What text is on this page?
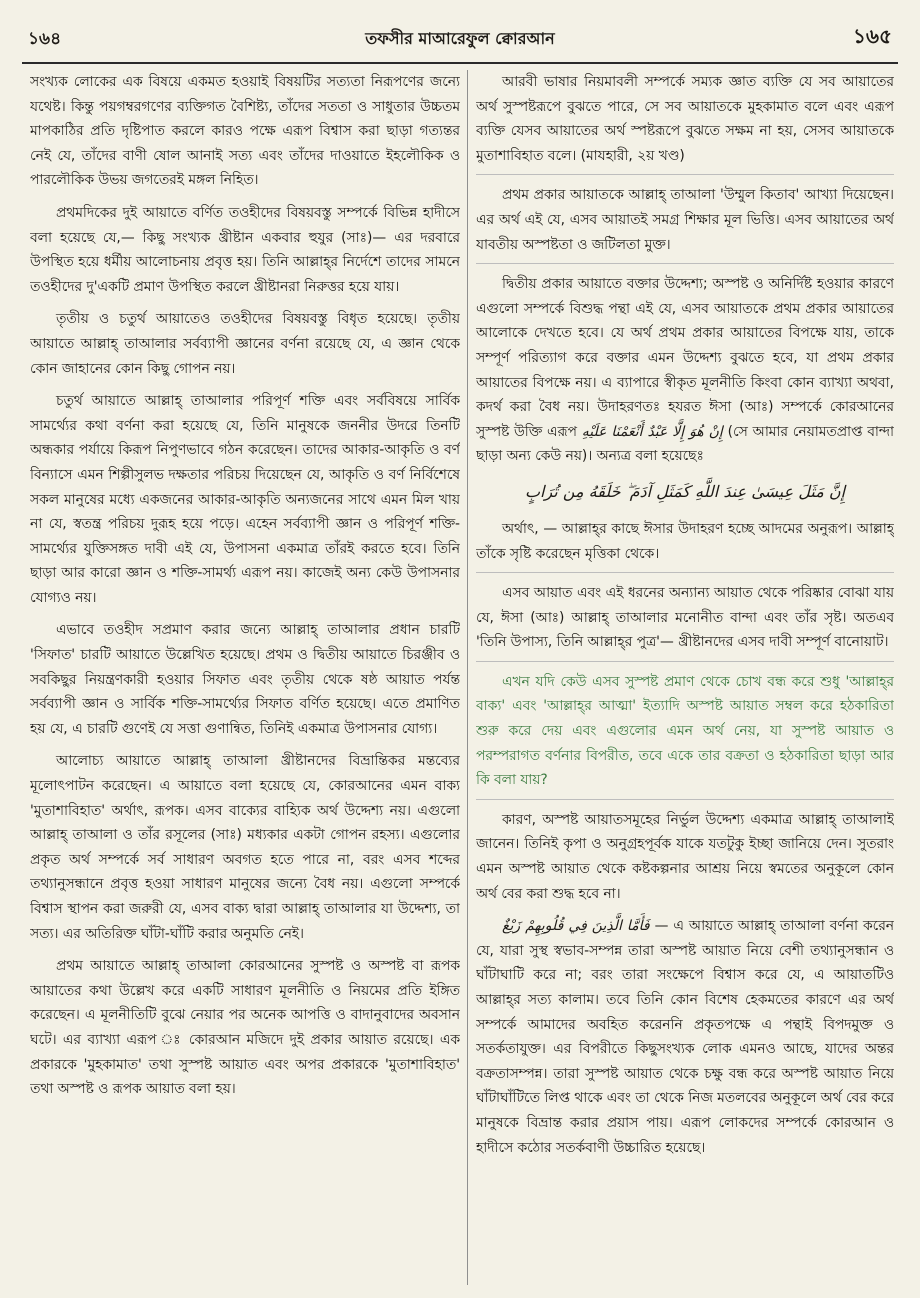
১৬৪	তফসীর মাআরেফুল ক্বোরআন	১৬৫

সংখ্যক লোকের এক বিষয়ে একমত হওয়াই বিষয়টির সত্যতা নিরূপণের জন্যে যথেষ্ট। কিন্তু পয়গম্বরগণের ব্যক্তিগত বৈশিষ্ট্য, তাঁদের সততা ও সাধুতার উচ্চতম মাপকাঠির প্রতি দৃষ্টিপাত করলে কারও পক্ষে এরূপ বিশ্বাস করা ছাড়া গত্যন্তর নেই যে, তাঁদের বাণী ষোল আনাই সত্য এবং তাঁদের দাওয়াতে ইহলৌকিক ও পারলৌকিক উভয় জগতেরই মঙ্গল নিহিত।

প্রথমদিকের দুই আয়াতে বর্ণিত তওহীদের বিষয়বস্তু সম্পর্কে বিভিন্ন হাদীসে বলা হয়েছে যে,— কিছু সংখ্যক খ্রীষ্টান একবার হুযুর (সাঃ)— এর দরবারে উপস্থিত হয়ে ধর্মীয় আলোচনায় প্রবৃত্ত হয়। তিনি আল্লাহ্‌র নির্দেশে তাদের সামনে তওহীদের দু'একটি প্রমাণ উপস্থিত করলে খ্রীষ্টানরা নিরুত্তর হয়ে যায়।

তৃতীয় ও চতুর্থ আয়াতেও তওহীদের বিষয়বস্তু বিধৃত হয়েছে। তৃতীয় আয়াতে আল্লাহ্‌ তাআলার সর্বব্যাপী জ্ঞানের বর্ণনা রয়েছে যে, এ জ্ঞান থেকে কোন জাহানের কোন কিছু গোপন নয়।

চতুর্থ আয়াতে আল্লাহ্‌ তাআলার পরিপূর্ণ শক্তি এবং সর্ববিষয়ে সার্বিক সামর্থ্যের কথা বর্ণনা করা হয়েছে যে, তিনি মানুষকে জননীর উদরে তিনটি অন্ধকার পর্যায়ে কিরূপ নিপুণভাবে গঠন করেছেন। তাদের আকার-আকৃতি ও বর্ণ বিন্যাসে এমন শিল্পীসুলভ দক্ষতার পরিচয় দিয়েছেন যে, আকৃতি ও বর্ণ নির্বিশেষে সকল মানুষের মধ্যে একজনের আকার-আকৃতি অন্যজনের সাথে এমন মিল খায় না যে, স্বতন্ত্র পরিচয় দুরূহ হয়ে পড়ে। এহেন সর্বব্যাপী জ্ঞান ও পরিপূর্ণ শক্তি-সামর্থ্যের যুক্তিসঙ্গত দাবী এই যে, উপাসনা একমাত্র তাঁরই করতে হবে। তিনি ছাড়া আর কারো জ্ঞান ও শক্তি-সামর্থ্য এরূপ নয়। কাজেই অন্য কেউ উপাসনার যোগ্যও নয়।

এভাবে তওহীদ সপ্রমাণ করার জন্যে আল্লাহ্‌ তাআলার প্রধান চারটি 'সিফাত' চারটি আয়াতে উল্লেখিত হয়েছে। প্রথম ও দ্বিতীয় আয়াতে চিরঞ্জীব ও সবকিছুর নিয়ন্ত্রণকারী হওয়ার সিফাত এবং তৃতীয় থেকে ষষ্ঠ আয়াত পর্যন্ত সর্বব্যাপী জ্ঞান ও সার্বিক শক্তি-সামর্থ্যের সিফাত বর্ণিত হয়েছে। এতে প্রমাণিত হয় যে, এ চারটি গুণেই যে সত্তা গুণান্বিত, তিনিই একমাত্র উপাসনার যোগ্য।

আলোচ্য আয়াতে আল্লাহ্‌ তাআলা খ্রীষ্টানদের বিভ্রান্তিকর মন্তব্যের মূলোৎপাটন করেছেন। এ আয়াতে বলা হয়েছে যে, কোরআনের এমন বাক্য 'মুতাশাবিহাত' অর্থাৎ, রূপক। এসব বাক্যের বাহ্যিক অর্থ উদ্দেশ্য নয়। এগুলো আল্লাহ্‌ তাআলা ও তাঁর রসূলের (সাঃ) মধ্যকার একটা গোপন রহস্য। এগুলোর প্রকৃত অর্থ সম্পর্কে সর্ব সাধারণ অবগত হতে পারে না, বরং এসব শব্দের তথ্যানুসন্ধানে প্রবৃত্ত হওয়া সাধারণ মানুষের জন্যে বৈধ নয়। এগুলো সম্পর্কে বিশ্বাস স্থাপন করা জরুরী যে, এসব বাক্য দ্বারা আল্লাহ্‌ তাআলার যা উদ্দেশ্য, তা সত্য। এর অতিরিক্ত ঘাঁটা-ঘাঁটি করার অনুমতি নেই।

প্রথম আয়াতে আল্লাহ্‌ তাআলা কোরআনের সুস্পষ্ট ও অস্পষ্ট বা রূপক আয়াতের কথা উল্লেখ করে একটি সাধারণ মূলনীতি ও নিয়মের প্রতি ইঙ্গিত করেছেন। এ মূলনীতিটি বুঝে নেয়ার পর অনেক আপত্তি ও বাদানুবাদের অবসান ঘটে। এর ব্যাখ্যা এরূপ ঃ কোরআন মজিদে দুই প্রকার আয়াত রয়েছে। এক প্রকারকে 'মুহকামাত' তথা সুস্পষ্ট আয়াত এবং অপর প্রকারকে 'মুতাশাবিহাত' তথা অস্পষ্ট ও রূপক আয়াত বলা হয়।

আরবী ভাষার নিয়মাবলী সম্পর্কে সম্যক জ্ঞাত ব্যক্তি যে সব আয়াতের অর্থ সুস্পষ্টরূপে বুঝতে পারে, সে সব আয়াতকে মুহকামাত বলে এবং এরূপ ব্যক্তি যেসব আয়াতের অর্থ স্পষ্টরূপে বুঝতে সক্ষম না হয়, সেসব আয়াতকে মুতাশাবিহাত বলে। (মাযহারী, ২য় খণ্ড)

প্রথম প্রকার আয়াতকে আল্লাহ্‌ তাআলা 'উম্মুল কিতাব' আখ্যা দিয়েছেন। এর অর্থ এই যে, এসব আয়াতই সমগ্র শিক্ষার মূল ভিত্তি। এসব আয়াতের অর্থ যাবতীয় অস্পষ্টতা ও জটিলতা মুক্ত।

দ্বিতীয় প্রকার আয়াতে বক্তার উদ্দেশ্য; অস্পষ্ট ও অনির্দিষ্ট হওয়ার কারণে এগুলো সম্পর্কে বিশুদ্ধ পন্থা এই যে, এসব আয়াতকে প্রথম প্রকার আয়াতের আলোকে দেখতে হবে। যে অর্থ প্রথম প্রকার আয়াতের বিপক্ষে যায়, তাকে সম্পূর্ণ পরিত্যাগ করে বক্তার এমন উদ্দেশ্য বুঝতে হবে, যা প্রথম প্রকার আয়াতের বিপক্ষে নয়। এ ব্যাপারে স্বীকৃত মূলনীতি কিংবা কোন ব্যাখ্যা অথবা, কদর্থ করা বৈধ নয়। উদাহরণতঃ হযরত ঈসা (আঃ) সম্পর্কে কোরআনের সুস্পষ্ট উক্তি এরূপ إِنْ هُوَ إِلَّا عَبْدٌ أَنْعَمْنَا عَلَيْهِ (সে আমার নেয়ামতপ্রাপ্ত বান্দা ছাড়া অন্য কেউ নয়)। অন্যত্র বলা হয়েছেঃ

إِنَّ مَثَلَ عِيسَىٰ عِندَ اللَّهِ كَمَثَلِ آدَمَ ۖ خَلَقَهُ مِن تُرَابٍ

অর্থাৎ, — আল্লাহ্‌র কাছে ঈসার উদাহরণ হচ্ছে আদমের অনুরূপ। আল্লাহ্‌ তাঁকে সৃষ্টি করেছেন মৃত্তিকা থেকে।

এসব আয়াত এবং এই ধরনের অন্যান্য আয়াত থেকে পরিষ্কার বোঝা যায় যে, ঈসা (আঃ) আল্লাহ্‌ তাআলার মনোনীত বান্দা এবং তাঁর সৃষ্ট। অতএব 'তিনি উপাস্য, তিনি আল্লাহ্‌র পুত্র'— খ্রীষ্টানদের এসব দাবী সম্পূর্ণ বানোয়াট।

এখন যদি কেউ এসব সুস্পষ্ট প্রমাণ থেকে চোখ বন্ধ করে শুধু 'আল্লাহ্‌র বাক্য' এবং 'আল্লাহ্‌র আত্মা' ইত্যাদি অস্পষ্ট আয়াত সম্বল করে হঠকারিতা শুরু করে দেয় এবং এগুলোর এমন অর্থ নেয়, যা সুস্পষ্ট আয়াত ও পরম্পরাগত বর্ণনার বিপরীত, তবে একে তার বক্রতা ও হঠকারিতা ছাড়া আর কি বলা যায়?

কারণ, অস্পষ্ট আয়াতসমূহের নির্ভুল উদ্দেশ্য একমাত্র আল্লাহ্‌ তাআলাই জানেন। তিনিই কৃপা ও অনুগ্রহপূর্বক যাকে যতটুকু ইচ্ছা জানিয়ে দেন। সুতরাং এমন অস্পষ্ট আয়াত থেকে কষ্টকল্পনার আশ্রয় নিয়ে স্বমতের অনুকূলে কোন অর্থ বের করা শুদ্ধ হবে না।

فَأَمَّا الَّذِينَ فِي قُلُوبِهِمْ زَيْغٌ — এ আয়াতে আল্লাহ্‌ তাআলা বর্ণনা করেন যে, যারা সুস্থ স্বভাব-সম্পন্ন তারা অস্পষ্ট আয়াত নিয়ে বেশী তথ্যানুসন্ধান ও ঘাঁটাঘাটি করে না; বরং তারা সংক্ষেপে বিশ্বাস করে যে, এ আয়াতটিও আল্লাহ্‌র সত্য কালাম। তবে তিনি কোন বিশেষ হেকমতের কারণে এর অর্থ সম্পর্কে আমাদের অবহিত করেননি প্রকৃতপক্ষে এ পন্থাই বিপদমুক্ত ও সতর্কতাযুক্ত। এর বিপরীতে কিছুসংখ্যক লোক এমনও আছে, যাদের অন্তর বক্রতাসম্পন্ন। তারা সুস্পষ্ট আয়াত থেকে চক্ষু বন্ধ করে অস্পষ্ট আয়াত নিয়ে ঘাঁটাঘাঁটিতে লিপ্ত থাকে এবং তা থেকে নিজ মতলবের অনুকূলে অর্থ বের করে মানুষকে বিভ্রান্ত করার প্রয়াস পায়। এরূপ লোকদের সম্পর্কে কোরআন ও হাদীসে কঠোর সতর্কবাণী উচ্চারিত হয়েছে।
